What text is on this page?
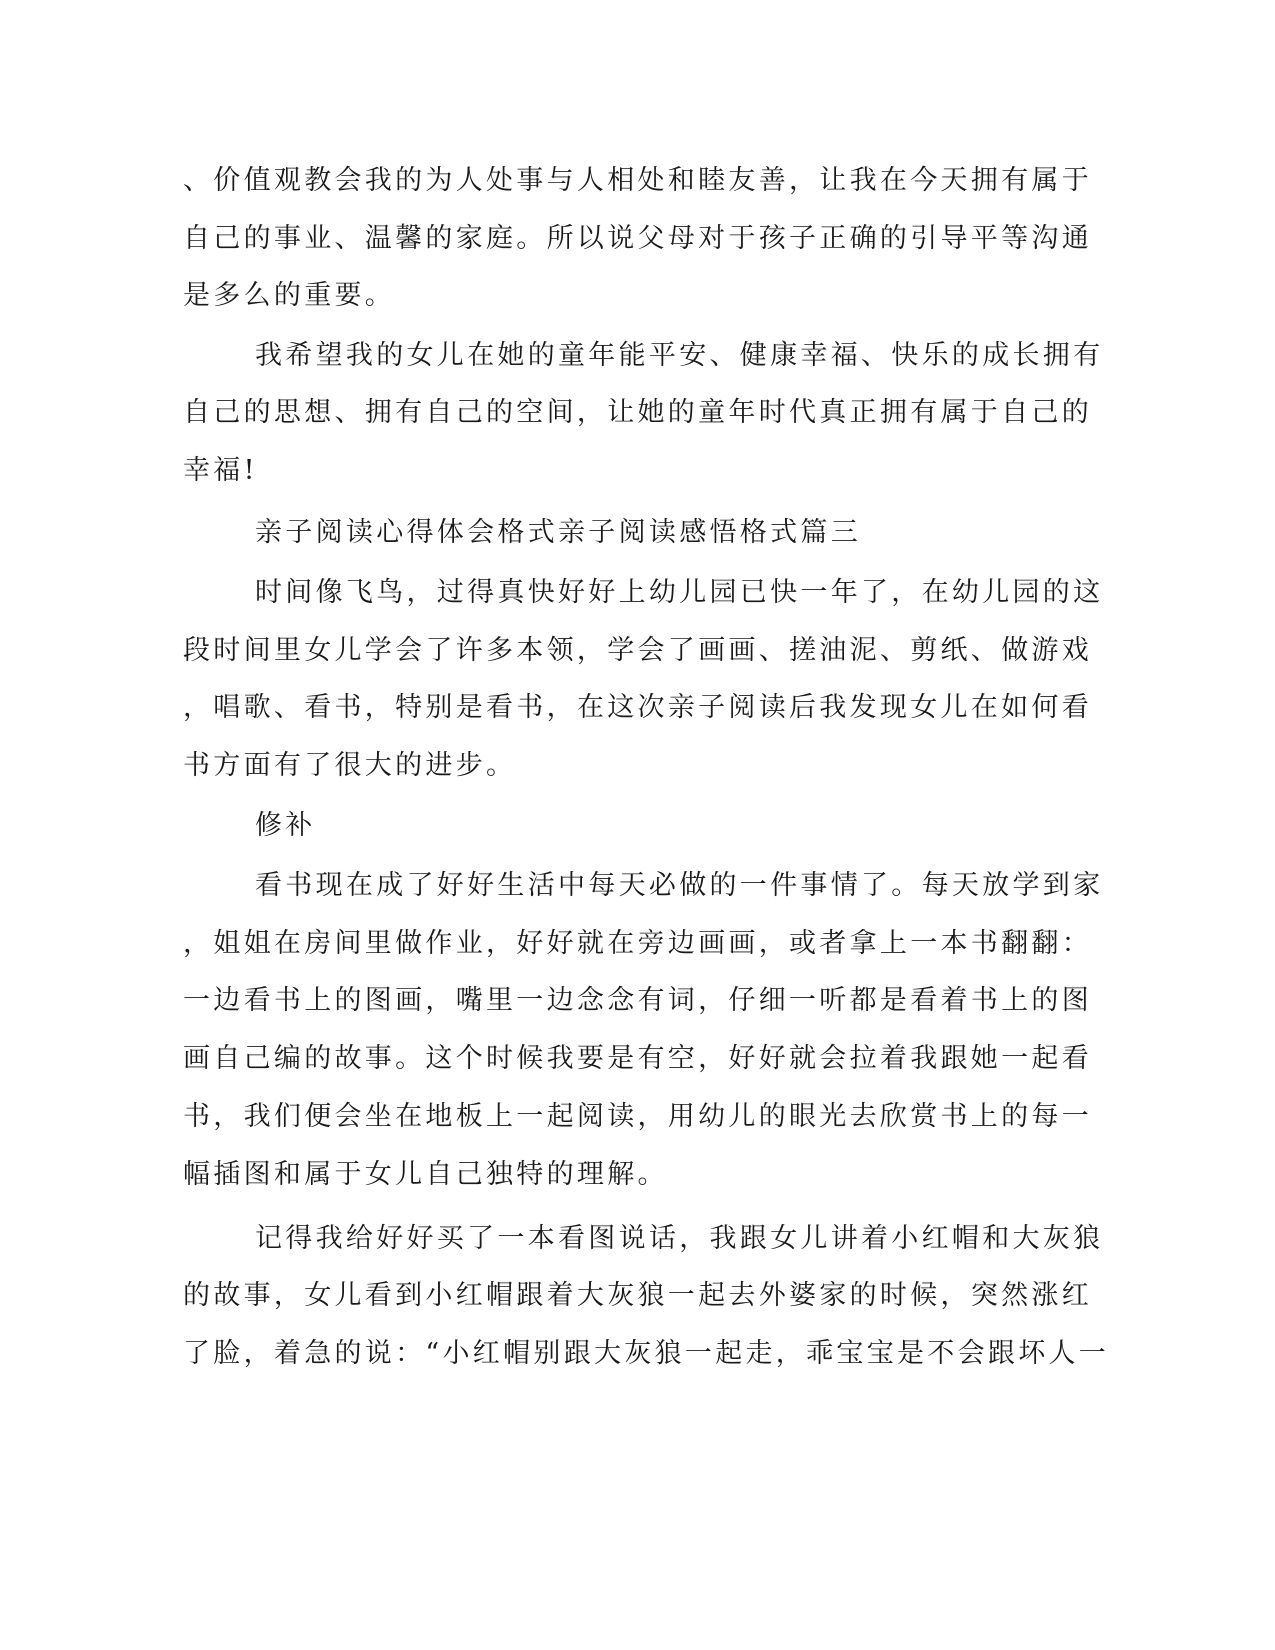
、价值观教会我的为人处事与人相处和睦友善，让我在今天拥有属于
自己的事业、温馨的家庭。所以说父母对于孩子正确的引导平等沟通
是多么的重要。
我希望我的女儿在她的童年能平安、健康幸福、快乐的成长拥有
自己的思想、拥有自己的空间，让她的童年时代真正拥有属于自己的
幸福!
亲子阅读心得体会格式亲子阅读感悟格式篇三
时间像飞鸟，过得真快好好上幼儿园已快一年了，在幼儿园的这
段时间里女儿学会了许多本领，学会了画画、搓油泥、剪纸、做游戏
，唱歌、看书，特别是看书，在这次亲子阅读后我发现女儿在如何看
书方面有了很大的进步。
修补
看书现在成了好好生活中每天必做的一件事情了。每天放学到家
，姐姐在房间里做作业，好好就在旁边画画，或者拿上一本书翻翻：
一边看书上的图画，嘴里一边念念有词，仔细一听都是看着书上的图
画自己编的故事。这个时候我要是有空，好好就会拉着我跟她一起看
书，我们便会坐在地板上一起阅读，用幼儿的眼光去欣赏书上的每一
幅插图和属于女儿自己独特的理解。
记得我给好好买了一本看图说话，我跟女儿讲着小红帽和大灰狼
的故事，女儿看到小红帽跟着大灰狼一起去外婆家的时候，突然涨红
了脸，着急的说：“小红帽别跟大灰狼一起走，乖宝宝是不会跟坏人一
